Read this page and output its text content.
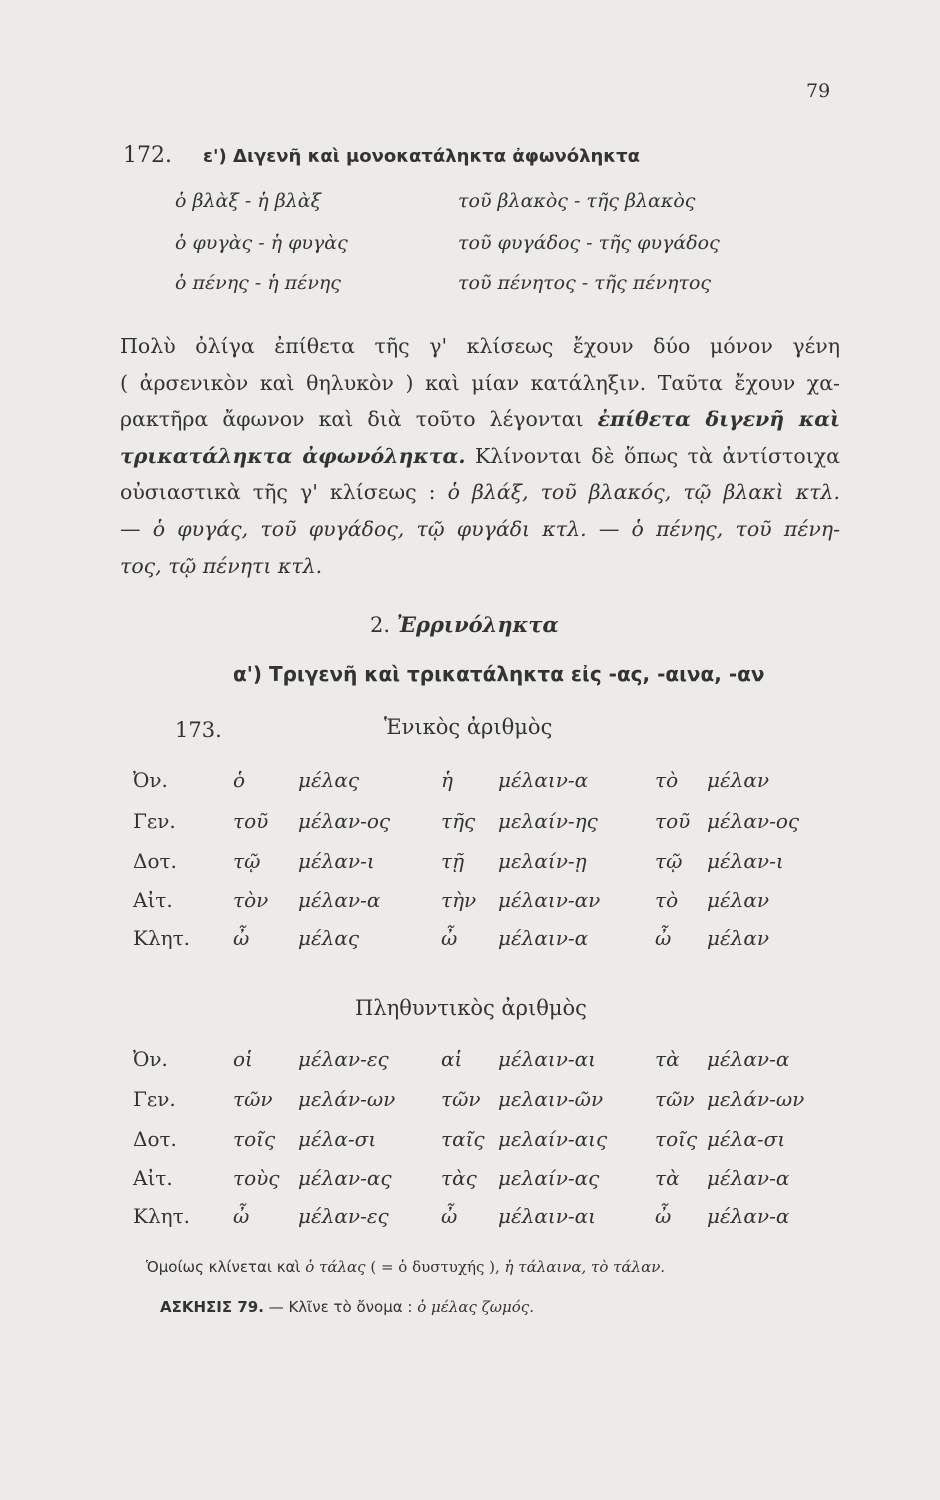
79
172. ε') Διγενῆ καὶ μονοκατάληκτα ἀφωνόληκτα
ὁ βλὰξ - ἡ βλὰξ	τοῦ βλακὸς - τῆς βλακὸς
ὁ φυγὰς - ἡ φυγὰς	τοῦ φυγάδος - τῆς φυγάδος
ὁ πένης - ἡ πένης	τοῦ πένητος - τῆς πένητος
Πολὺ ὀλίγα ἐπίθετα τῆς γ' κλίσεως ἔχουν δύο μόνον γένη
( ἀρσενικὸν καὶ θηλυκὸν ) καὶ μίαν κατάληξιν. Ταῦτα ἔχουν χα-
ρακτῆρα ἄφωνον καὶ διὰ τοῦτο λέγονται ἐπίθετα διγενῆ καὶ
τρικατάληκτα ἀφωνόληκτα. Κλίνονται δὲ ὅπως τὰ ἀντίστοιχα
οὐσιαστικὰ τῆς γ' κλίσεως : ὁ βλάξ, τοῦ βλακός, τῷ βλακὶ κτλ.
— ὁ φυγάς, τοῦ φυγάδος, τῷ φυγάδι κτλ. — ὁ πένης, τοῦ πένη-
τος, τῷ πένητι κτλ.
2. Ἐρρινόληκτα
α') Τριγενῆ καὶ τρικατάληκτα εἰς -ας, -αινα, -αν
173.	Ἑνικὸς ἀριθμὸς
Ὀν.	ὁ	μέλας	ἡ μέλαιν-α	τὸ μέλαν
Γεν.	τοῦ μέλαν-ος	τῆς μελαίν-ης	τοῦ μέλαν-ος
Δοτ.	τῷ μέλαν-ι	τῇ μελαίν-ῃ	τῷ μέλαν-ι
Αἰτ.	τὸν μέλαν-α	τὴν μέλαιν-αν	τὸ μέλαν
Κλητ. ὦ μέλας	ὦ μέλαιν-α	ὦ μέλαν
Πληθυντικὸς ἀριθμὸς
Ὀν.	οἱ μέλαν-ες	αἱ μέλαιν-αι	τὰ μέλαν-α
Γεν.	τῶν μελάν-ων τῶν μελαιν-ῶν	τῶν μελάν-ων
Δοτ.	τοῖς μέλα-σι	ταῖς μελαίν-αις τοῖς μέλα-σι
Αἰτ.	τοὺς μέλαν-ας τὰς μελαίν-ας	τὰ μέλαν-α
Κλητ. ὦ μέλαν-ες	ὦ μέλαιν-αι	ὦ μέλαν-α
Ὁμοίως κλίνεται καὶ ὁ τάλας ( = ὁ δυστυχής ), ἡ τάλαινα, τὸ τάλαν.
ΑΣΚΗΣΙΣ 79. — Κλῖνε τὸ ὄνομα : ὁ μέλας ζωμός.
